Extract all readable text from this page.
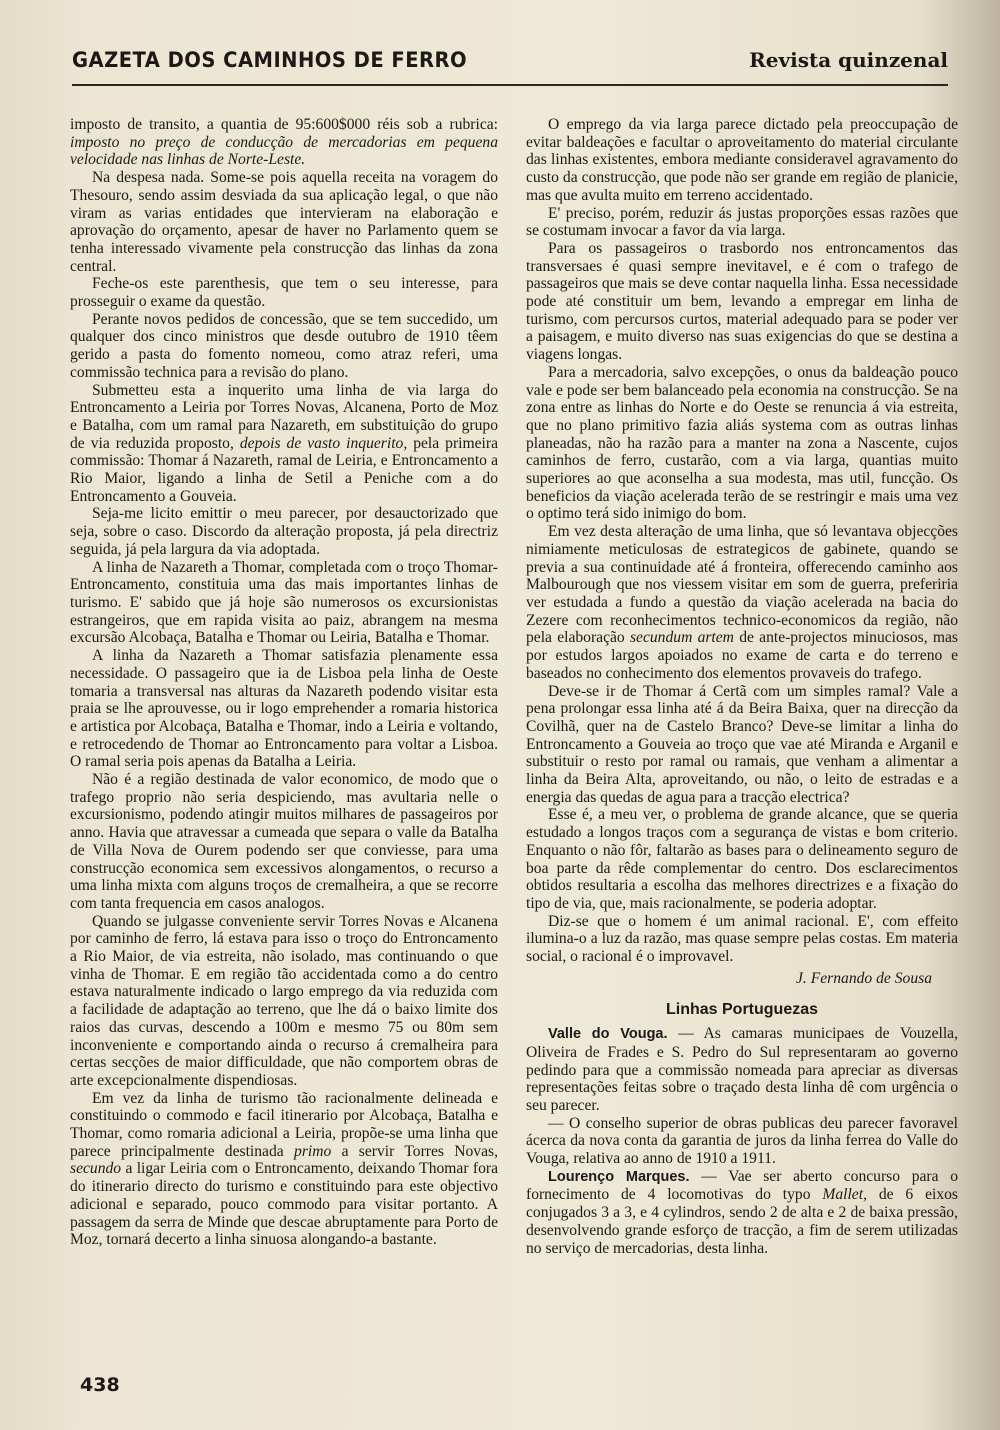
GAZETA DOS CAMINHOS DE FERRO	Revista quinzenal

imposto de transito, a quantia de 95:600$000 réis sob a rubrica: imposto no preço de conducção de mercadorias em pequena velocidade nas linhas de Norte-Leste.

Na despesa nada. Some-se pois aquella receita na voragem do Thesouro, sendo assim desviada da sua aplicação legal, o que não viram as varias entidades que intervieram na elaboração e aprovação do orçamento, apesar de haver no Parlamento quem se tenha interessado vivamente pela construcção das linhas da zona central.

Feche-os este parenthesis, que tem o seu interesse, para prosseguir o exame da questão.

Perante novos pedidos de concessão, que se tem succedido, um qualquer dos cinco ministros que desde outubro de 1910 têem gerido a pasta do fomento nomeou, como atraz referi, uma commissão technica para a revisão do plano.

Submetteu esta a inquerito uma linha de via larga do Entroncamento a Leiria por Torres Novas, Alcanena, Porto de Moz e Batalha, com um ramal para Nazareth, em substituição do grupo de via reduzida proposto, depois de vasto inquerito, pela primeira commissão: Thomar á Nazareth, ramal de Leiria, e Entroncamento a Rio Maior, ligando a linha de Setil a Peniche com a do Entroncamento a Gouveia.

Seja-me licito emittir o meu parecer, por desauctorizado que seja, sobre o caso. Discordo da alteração proposta, já pela directriz seguida, já pela largura da via adoptada.

A linha de Nazareth a Thomar, completada com o troço Thomar-Entroncamento, constituia uma das mais importantes linhas de turismo. E' sabido que já hoje são numerosos os excursionistas estrangeiros, que em rapida visita ao paiz, abrangem na mesma excursão Alcobaça, Batalha e Thomar ou Leiria, Batalha e Thomar.

A linha da Nazareth a Thomar satisfazia plenamente essa necessidade. O passageiro que ia de Lisboa pela linha de Oeste tomaria a transversal nas alturas da Nazareth podendo visitar esta praia se lhe aprouvesse, ou ir logo emprehender a romaria historica e artistica por Alcobaça, Batalha e Thomar, indo a Leiria e voltando, e retrocedendo de Thomar ao Entroncamento para voltar a Lisboa. O ramal seria pois apenas da Batalha a Leiria.

Não é a região destinada de valor economico, de modo que o trafego proprio não seria despiciendo, mas avultaria nelle o excursionismo, podendo atingir muitos milhares de passageiros por anno. Havia que atravessar a cumeada que separa o valle da Batalha de Villa Nova de Ourem podendo ser que conviesse, para uma construcção economica sem excessivos alongamentos, o recurso a uma linha mixta com alguns troços de cremalheira, a que se recorre com tanta frequencia em casos analogos.

Quando se julgasse conveniente servir Torres Novas e Alcanena por caminho de ferro, lá estava para isso o troço do Entroncamento a Rio Maior, de via estreita, não isolado, mas continuando o que vinha de Thomar. E em região tão accidentada como a do centro estava naturalmente indicado o largo emprego da via reduzida com a facilidade de adaptação ao terreno, que lhe dá o baixo limite dos raios das curvas, descendo a 100m e mesmo 75 ou 80m sem inconveniente e comportando ainda o recurso á cremalheira para certas secções de maior difficuldade, que não comportem obras de arte excepcionalmente dispendiosas.

Em vez da linha de turismo tão racionalmente delineada e constituindo o commodo e facil itinerario por Alcobaça, Batalha e Thomar, como romaria adicional a Leiria, propõe-se uma linha que parece principalmente destinada primo a servir Torres Novas, secundo a ligar Leiria com o Entroncamento, deixando Thomar fora do itinerario directo do turismo e constituindo para este objectivo adicional e separado, pouco commodo para visitar portanto. A passagem da serra de Minde que descae abruptamente para Porto de Moz, tornará decerto a linha sinuosa alongando-a bastante.

O emprego da via larga parece dictado pela preoccupação de evitar baldeações e facultar o aproveitamento do material circulante das linhas existentes, embora mediante consideravel agravamento do custo da construcção, que pode não ser grande em região de planicie, mas que avulta muito em terreno accidentado.

E' preciso, porém, reduzir ás justas proporções essas razões que se costumam invocar a favor da via larga.

Para os passageiros o trasbordo nos entroncamentos das transversaes é quasi sempre inevitavel, e é com o trafego de passageiros que mais se deve contar naquella linha. Essa necessidade pode até constituir um bem, levando a empregar em linha de turismo, com percursos curtos, material adequado para se poder ver a paisagem, e muito diverso nas suas exigencias do que se destina a viagens longas.

Para a mercadoria, salvo excepções, o onus da baldeação pouco vale e pode ser bem balanceado pela economia na construcção. Se na zona entre as linhas do Norte e do Oeste se renuncia á via estreita, que no plano primitivo fazia aliás systema com as outras linhas planeadas, não ha razão para a manter na zona a Nascente, cujos caminhos de ferro, custarão, com a via larga, quantias muito superiores ao que aconselha a sua modesta, mas util, funcção. Os beneficios da viação acelerada terão de se restringir e mais uma vez o optimo terá sido inimigo do bom.

Em vez desta alteração de uma linha, que só levantava objecções nimiamente meticulosas de estrategicos de gabinete, quando se previa a sua continuidade até á fronteira, offerecendo caminho aos Malbourough que nos viessem visitar em som de guerra, preferiria ver estudada a fundo a questão da viação acelerada na bacia do Zezere com reconhecimentos technico-economicos da região, não pela elaboração secundum artem de ante-projectos minuciosos, mas por estudos largos apoiados no exame de carta e do terreno e baseados no conhecimento dos elementos provaveis do trafego.

Deve-se ir de Thomar á Certã com um simples ramal? Vale a pena prolongar essa linha até á da Beira Baixa, quer na direcção da Covilhã, quer na de Castelo Branco? Deve-se limitar a linha do Entroncamento a Gouveia ao troço que vae até Miranda e Arganil e substituir o resto por ramal ou ramais, que venham a alimentar a linha da Beira Alta, aproveitando, ou não, o leito de estradas e a energia das quedas de agua para a tracção electrica?

Esse é, a meu ver, o problema de grande alcance, que se queria estudado a longos traços com a segurança de vistas e bom criterio. Enquanto o não fôr, faltarão as bases para o delineamento seguro de boa parte da rêde complementar do centro. Dos esclarecimentos obtidos resultaria a escolha das melhores directrizes e a fixação do tipo de via, que, mais racionalmente, se poderia adoptar.

Diz-se que o homem é um animal racional. E', com effeito ilumina-o a luz da razão, mas quase sempre pelas costas. Em materia social, o racional é o improvavel.

J. Fernando de Sousa

Linhas Portuguezas

Valle do Vouga. — As camaras municipaes de Vouzella, Oliveira de Frades e S. Pedro do Sul representaram ao governo pedindo para que a commissão nomeada para apreciar as diversas representações feitas sobre o traçado desta linha dê com urgência o seu parecer.

— O conselho superior de obras publicas deu parecer favoravel ácerca da nova conta da garantia de juros da linha ferrea do Valle do Vouga, relativa ao anno de 1910 a 1911.

Lourenço Marques. — Vae ser aberto concurso para o fornecimento de 4 locomotivas do typo Mallet, de 6 eixos conjugados 3 a 3, e 4 cylindros, sendo 2 de alta e 2 de baixa pressão, desenvolvendo grande esforço de tracção, a fim de serem utilizadas no serviço de mercadorias, desta linha.

438
